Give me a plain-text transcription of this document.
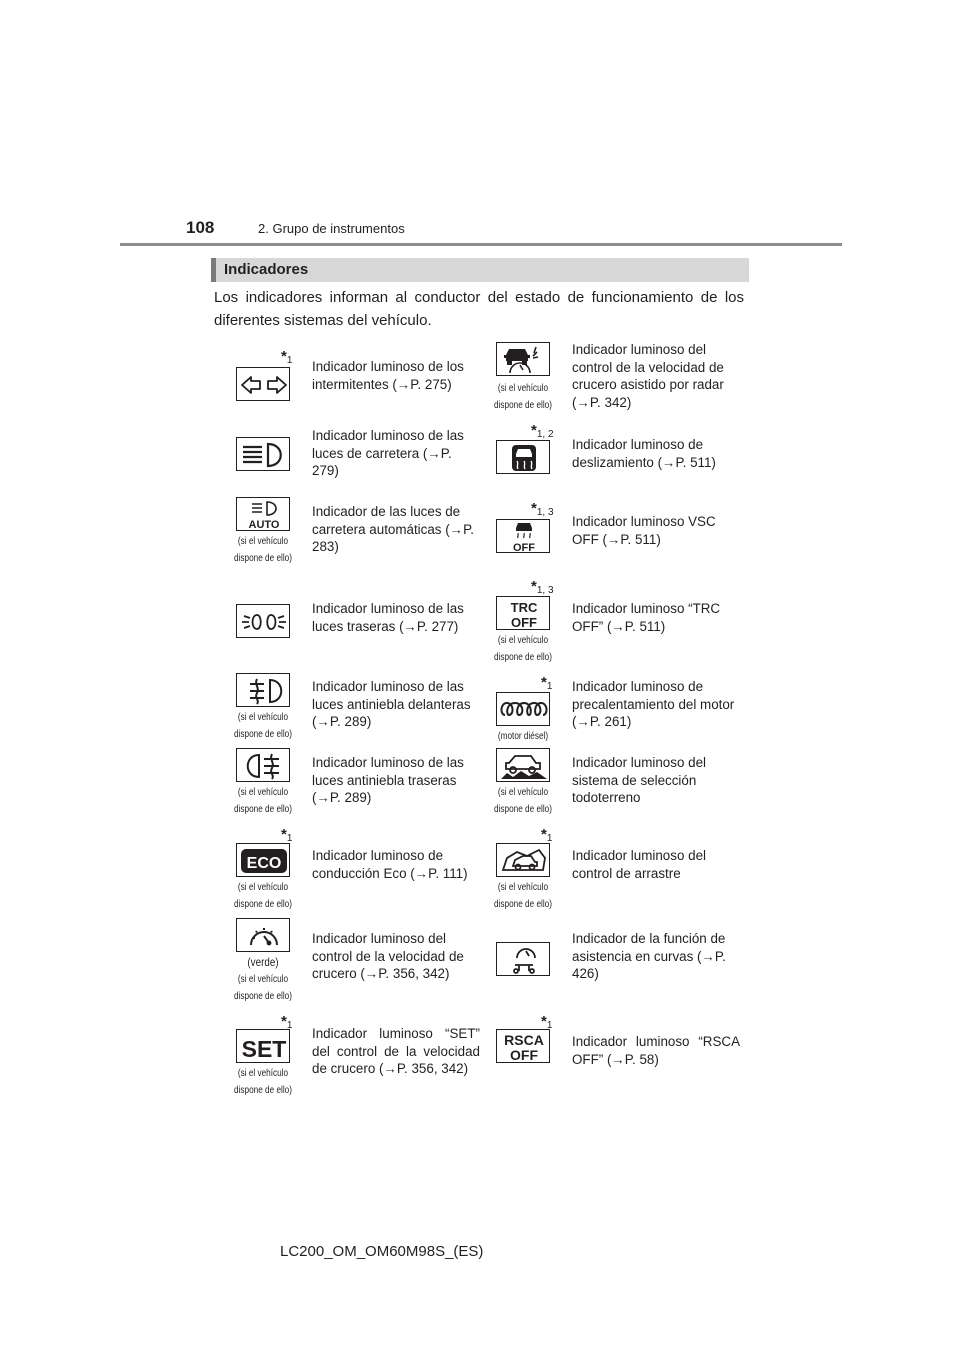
108	2. Grupo de instrumentos
Indicadores
Los indicadores informan al conductor del estado de funcionamiento de los diferentes sistemas del vehículo.
$*_1$ Indicador luminoso de los intermitentes (→P. 275)
Indicador luminoso de las luces de carretera (→P. 279)
AUTO
(si el vehículo
dispone de ello)
Indicador de las luces de carretera automáticas (→P. 283)
Indicador luminoso de las luces traseras (→P. 277)
(si el vehículo
dispone de ello)
Indicador luminoso de las luces antiniebla delanteras (→P. 289)
(si el vehículo
dispone de ello)
Indicador luminoso de las luces antiniebla traseras (→P. 289)
$*_1$
ECO
(si el vehículo
dispone de ello)
Indicador luminoso de conducción Eco (→P. 111)
(verde)
(si el vehículo
dispone de ello)
Indicador luminoso del control de la velocidad de crucero (→P. 356, 342)
$*_1$
SET
(si el vehículo
dispone de ello)
Indicador luminoso “SET” del control de la velocidad de crucero (→P. 356, 342)
(si el vehículo
dispone de ello)
Indicador luminoso del control de la velocidad de crucero asistido por radar (→P. 342)
$*_{1, 2}$
Indicador luminoso de deslizamiento (→P. 511)
$*_{1, 3}$
OFF
Indicador luminoso VSC OFF (→P. 511)
$*_{1, 3}$
TRC
OFF
(si el vehículo
dispone de ello)
Indicador luminoso “TRC OFF” (→P. 511)
$*_1$
(motor diésel)
Indicador luminoso de precalentamiento del motor (→P. 261)
(si el vehículo
dispone de ello)
Indicador luminoso del sistema de selección todoterreno
$*_1$
(si el vehículo
dispone de ello)
Indicador luminoso del control de arrastre
Indicador de la función de asistencia en curvas (→P. 426)
$*_1$
RSCA
OFF
Indicador luminoso “RSCA OFF” (→P. 58)
LC200_OM_OM60M98S_(ES)
